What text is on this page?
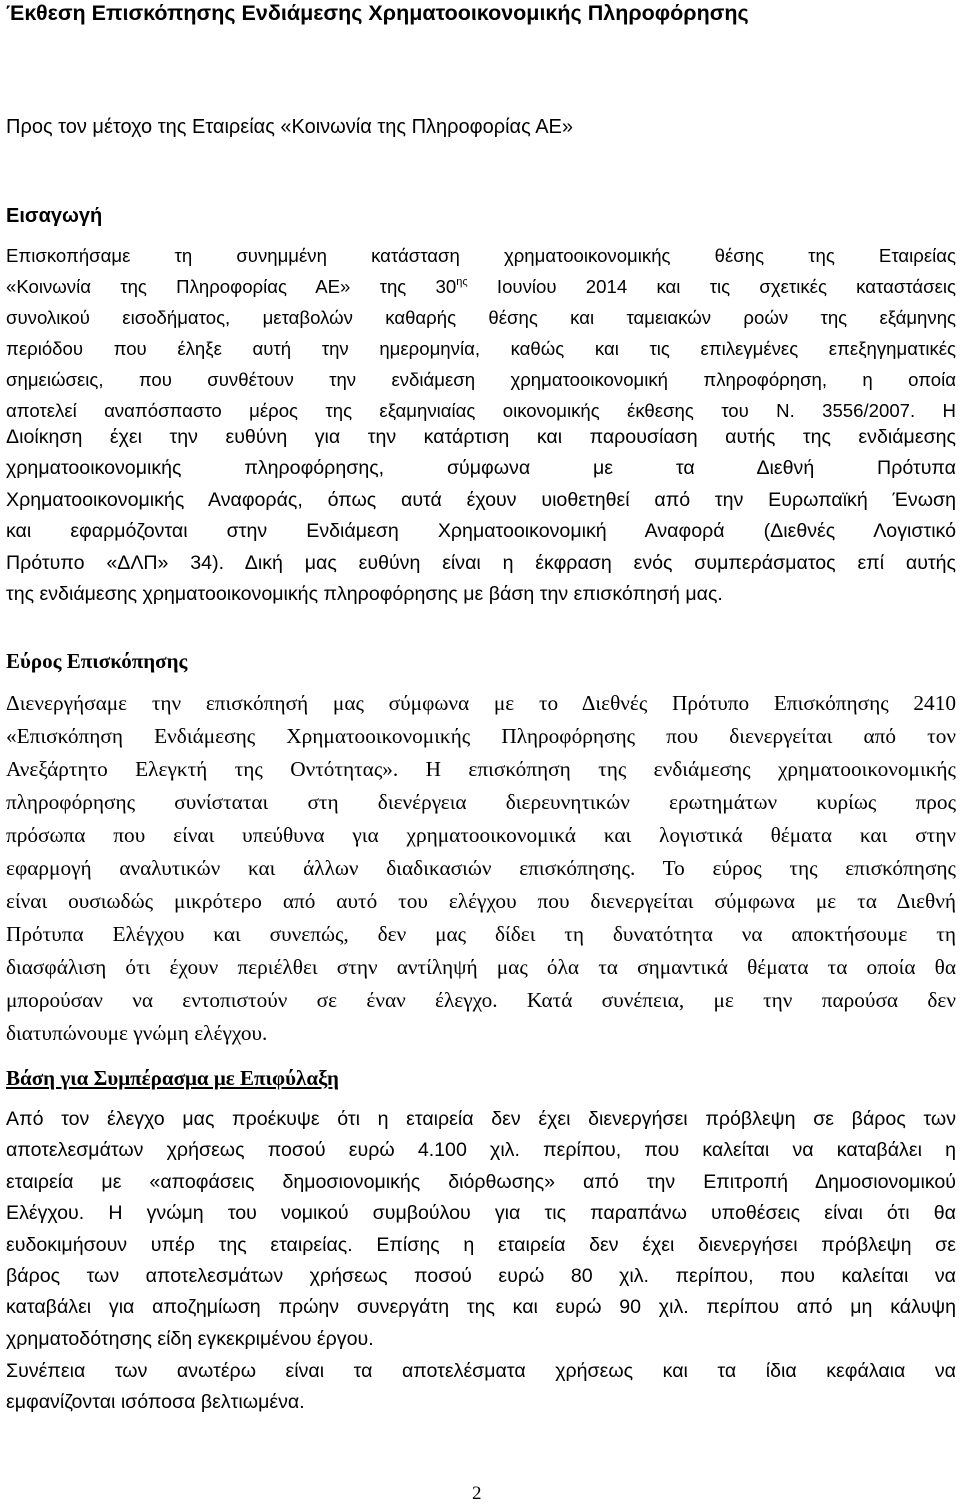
Έκθεση Επισκόπησης Ενδιάμεσης Χρηματοοικονομικής Πληροφόρησης
Προς τον μέτοχο της Εταιρείας «Κοινωνία της Πληροφορίας ΑΕ»
Εισαγωγή
Επισκοπήσαμε τη συνημμένη κατάσταση χρηματοοικονομικής θέσης της Εταιρείας
«Κοινωνία της Πληροφορίας ΑΕ» της $30^{\eta\varsigma}$ Ιουνίου 2014 και τις σχετικές καταστάσεις
συνολικού εισοδήματος, μεταβολών καθαρής θέσης και ταμειακών ροών της εξάμηνης
περιόδου που έληξε αυτή την ημερομηνία, καθώς και τις επιλεγμένες επεξηγηματικές
σημειώσεις, που συνθέτουν την ενδιάμεση χρηματοοικονομική πληροφόρηση, η οποία
αποτελεί αναπόσπαστο μέρος της εξαμηνιαίας οικονομικής έκθεσης του Ν. 3556/2007. Η
Διοίκηση έχει την ευθύνη για την κατάρτιση και παρουσίαση αυτής της ενδιάμεσης
χρηματοοικονομικής πληροφόρησης, σύμφωνα με τα Διεθνή Πρότυπα
Χρηματοοικονομικής Αναφοράς, όπως αυτά έχουν υιοθετηθεί από την Ευρωπαϊκή Ένωση
και εφαρμόζονται στην Ενδιάμεση Χρηματοοικονομική Αναφορά (Διεθνές Λογιστικό
Πρότυπο «ΔΛΠ» 34). Δική μας ευθύνη είναι η έκφραση ενός συμπεράσματος επί αυτής
της ενδιάμεσης χρηματοοικονομικής πληροφόρησης με βάση την επισκόπησή μας.
Εύρος Επισκόπησης
Διενεργήσαμε την επισκόπησή μας σύμφωνα με το Διεθνές Πρότυπο Επισκόπησης 2410
«Επισκόπηση Ενδιάμεσης Χρηματοοικονομικής Πληροφόρησης που διενεργείται από τον
Ανεξάρτητο Ελεγκτή της Οντότητας». Η επισκόπηση της ενδιάμεσης χρηματοοικονομικής
πληροφόρησης συνίσταται στη διενέργεια διερευνητικών ερωτημάτων κυρίως προς
πρόσωπα που είναι υπεύθυνα για χρηματοοικονομικά και λογιστικά θέματα και στην
εφαρμογή αναλυτικών και άλλων διαδικασιών επισκόπησης. Το εύρος της επισκόπησης
είναι ουσιωδώς μικρότερο από αυτό του ελέγχου που διενεργείται σύμφωνα με τα Διεθνή
Πρότυπα Ελέγχου και συνεπώς, δεν μας δίδει τη δυνατότητα να αποκτήσουμε τη
διασφάλιση ότι έχουν περιέλθει στην αντίληψή μας όλα τα σημαντικά θέματα τα οποία θα
μπορούσαν να εντοπιστούν σε έναν έλεγχο. Κατά συνέπεια, με την παρούσα δεν
διατυπώνουμε γνώμη ελέγχου.
Βάση για Συμπέρασμα με Επιφύλαξη
Από τον έλεγχο μας προέκυψε ότι η εταιρεία δεν έχει διενεργήσει πρόβλεψη σε βάρος των
αποτελεσμάτων χρήσεως ποσού ευρώ 4.100 χιλ. περίπου, που καλείται να καταβάλει η
εταιρεία με «αποφάσεις δημοσιονομικής διόρθωσης» από την Επιτροπή Δημοσιονομικού
Ελέγχου. Η γνώμη του νομικού συμβούλου για τις παραπάνω υποθέσεις είναι ότι θα
ευδοκιμήσουν υπέρ της εταιρείας. Επίσης η εταιρεία δεν έχει διενεργήσει πρόβλεψη σε
βάρος των αποτελεσμάτων χρήσεως ποσού ευρώ 80 χιλ. περίπου, που καλείται να
καταβάλει για αποζημίωση πρώην συνεργάτη της και ευρώ 90 χιλ. περίπου από μη κάλυψη
χρηματοδότησης είδη εγκεκριμένου έργου.
Συνέπεια των ανωτέρω είναι τα αποτελέσματα χρήσεως και τα ίδια κεφάλαια να
εμφανίζονται ισόποσα βελτιωμένα.
2
